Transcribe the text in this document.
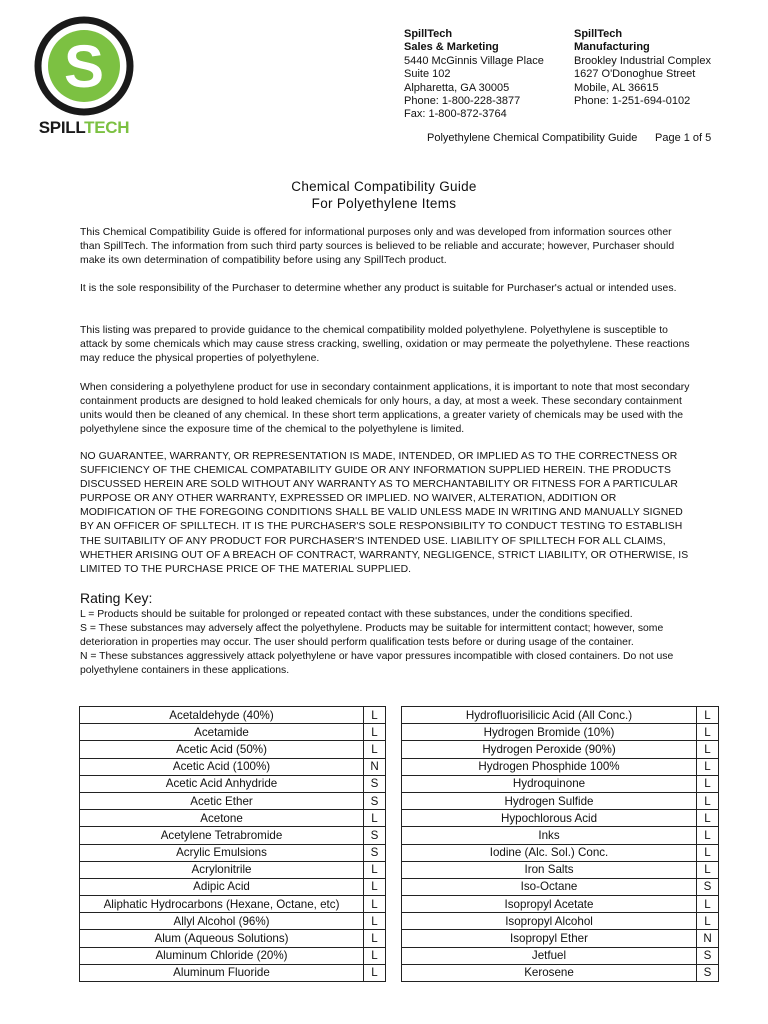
S
SPILLTECH
SpillTech
Sales & Marketing
5440 McGinnis Village Place
Suite 102
Alpharetta, GA 30005
Phone: 1-800-228-3877
Fax: 1-800-872-3764
SpillTech
Manufacturing
Brookley Industrial Complex
1627 O'Donoghue Street
Mobile, AL 36615
Phone: 1-251-694-0102
Polyethylene Chemical Compatibility Guide Page 1 of 5
Chemical Compatibility Guide
For Polyethylene Items
This Chemical Compatibility Guide is offered for informational purposes only and was developed from information sources other than SpillTech. The information from such third party sources is believed to be reliable and accurate; however, Purchaser should make its own determination of compatibility before using any SpillTech product.
It is the sole responsibility of the Purchaser to determine whether any product is suitable for Purchaser's actual or intended uses.
This listing was prepared to provide guidance to the chemical compatibility molded polyethylene. Polyethylene is susceptible to attack by some chemicals which may cause stress cracking, swelling, oxidation or may permeate the polyethylene. These reactions may reduce the physical properties of polyethylene.
When considering a polyethylene product for use in secondary containment applications, it is important to note that most secondary containment products are designed to hold leaked chemicals for only hours, a day, at most a week. These secondary containment units would then be cleaned of any chemical. In these short term applications, a greater variety of chemicals may be used with the polyethylene since the exposure time of the chemical to the polyethylene is limited.
NO GUARANTEE, WARRANTY, OR REPRESENTATION IS MADE, INTENDED, OR IMPLIED AS TO THE CORRECTNESS OR SUFFICIENCY OF THE CHEMICAL COMPATABILITY GUIDE OR ANY INFORMATION SUPPLIED HEREIN. THE PRODUCTS DISCUSSED HEREIN ARE SOLD WITHOUT ANY WARRANTY AS TO MERCHANTABILITY OR FITNESS FOR A PARTICULAR PURPOSE OR ANY OTHER WARRANTY, EXPRESSED OR IMPLIED. NO WAIVER, ALTERATION, ADDITION OR MODIFICATION OF THE FOREGOING CONDITIONS SHALL BE VALID UNLESS MADE IN WRITING AND MANUALLY SIGNED BY AN OFFICER OF SPILLTECH. IT IS THE PURCHASER'S SOLE RESPONSIBILITY TO CONDUCT TESTING TO ESTABLISH THE SUITABILITY OF ANY PRODUCT FOR PURCHASER'S INTENDED USE. LIABILITY OF SPILLTECH FOR ALL CLAIMS, WHETHER ARISING OUT OF A BREACH OF CONTRACT, WARRANTY, NEGLIGENCE, STRICT LIABILITY, OR OTHERWISE, IS LIMITED TO THE PURCHASE PRICE OF THE MATERIAL SUPPLIED.
Rating Key:
L = Products should be suitable for prolonged or repeated contact with these substances, under the conditions specified.
S = These substances may adversely affect the polyethylene. Products may be suitable for intermittent contact; however, some deterioration in properties may occur. The user should perform qualification tests before or during usage of the container.
N = These substances aggressively attack polyethylene or have vapor pressures incompatible with closed containers. Do not use polyethylene containers in these applications.
Acetaldehyde (40%)	L
Acetamide	L
Acetic Acid (50%)	L
Acetic Acid (100%)	N
Acetic Acid Anhydride	S
Acetic Ether	S
Acetone	L
Acetylene Tetrabromide	S
Acrylic Emulsions	S
Acrylonitrile	L
Adipic Acid	L
Aliphatic Hydrocarbons (Hexane, Octane, etc)	L
Allyl Alcohol (96%)	L
Alum (Aqueous Solutions)	L
Aluminum Chloride (20%)	L
Aluminum Fluoride	L
Hydrofluorisilicic Acid (All Conc.)	L
Hydrogen Bromide (10%)	L
Hydrogen Peroxide (90%)	L
Hydrogen Phosphide 100%	L
Hydroquinone	L
Hydrogen Sulfide	L
Hypochlorous Acid	L
Inks	L
Iodine (Alc. Sol.) Conc.	L
Iron Salts	L
Iso-Octane	S
Isopropyl Acetate	L
Isopropyl Alcohol	L
Isopropyl Ether	N
Jetfuel	S
Kerosene	S
